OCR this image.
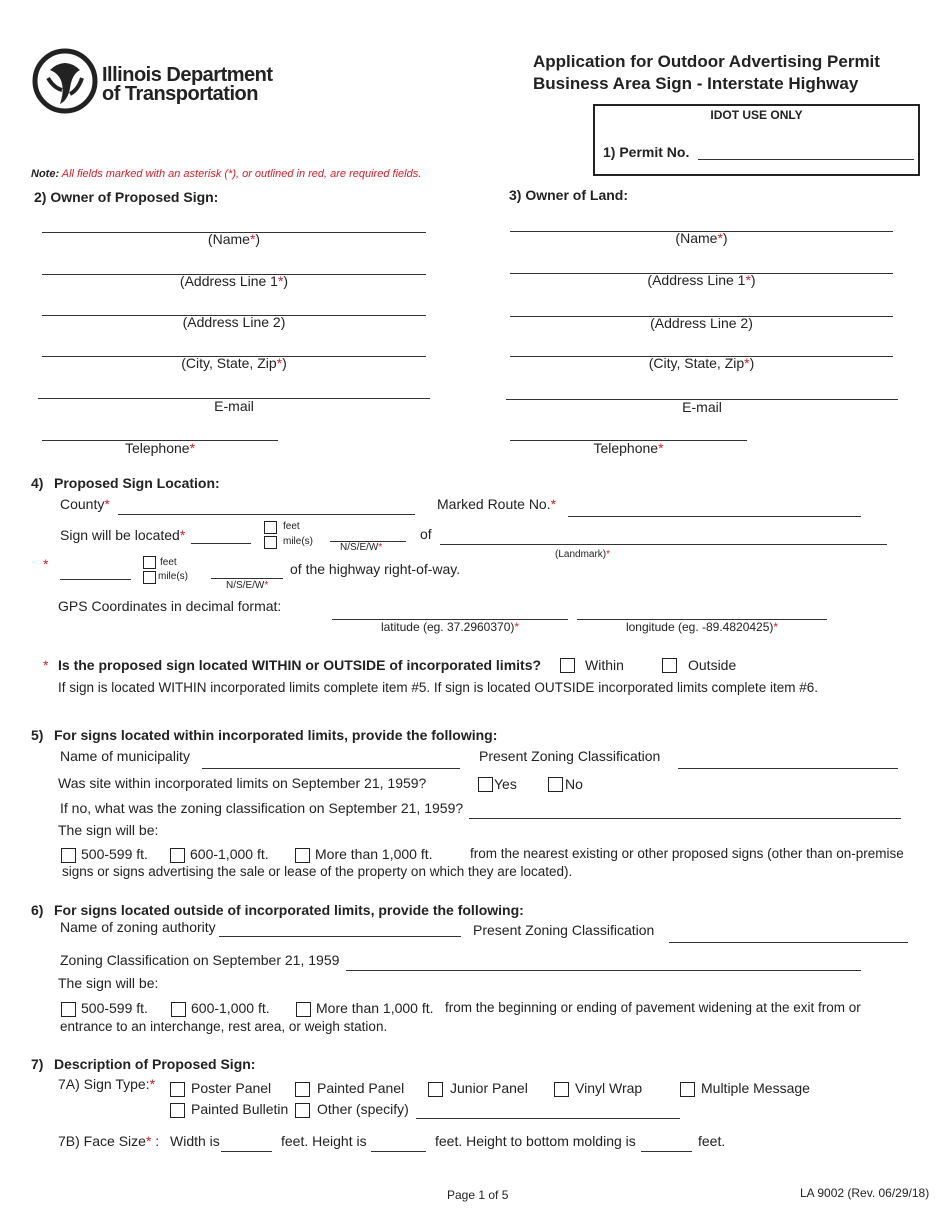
Illinois Department
of Transportation
Application for Outdoor Advertising Permit
Business Area Sign - Interstate Highway
IDOT USE ONLY
1) Permit No.
Note: All fields marked with an asterisk (*), or outlined in red, are required fields.
2) Owner of Proposed Sign:
(Name*)
(Address Line 1*)
(Address Line 2)
(City, State, Zip*)
E-mail
Telephone*
3) Owner of Land:
(Name*)
(Address Line 1*)
(Address Line 2)
(City, State, Zip*)
E-mail
Telephone*
4) Proposed Sign Location:
County*	Marked Route No.*
Sign will be located*
feet
mile(s)
N/S/E/W*
of
(Landmark)*
*	feet
mile(s)
N/S/E/W*
of the highway right-of-way.
GPS Coordinates in decimal format:
latitude (eg. 37.2960370)*	longitude (eg. -89.4820425)*
* Is the proposed sign located WITHIN or OUTSIDE of incorporated limits?	Within	Outside
If sign is located WITHIN incorporated limits complete item #5. If sign is located OUTSIDE incorporated limits complete item #6.
5) For signs located within incorporated limits, provide the following:
Name of municipality	Present Zoning Classification
Was site within incorporated limits on September 21, 1959?	Yes	No
If no, what was the zoning classification on September 21, 1959?
The sign will be:
500-599 ft.	600-1,000 ft.	More than 1,000 ft.	from the nearest existing or other proposed signs (other than on-premise
signs or signs advertising the sale or lease of the property on which they are located).
6) For signs located outside of incorporated limits, provide the following:
Name of zoning authority	Present Zoning Classification
Zoning Classification on September 21, 1959
The sign will be:
500-599 ft.	600-1,000 ft.	More than 1,000 ft. from the beginning or ending of pavement widening at the exit from or
entrance to an interchange, rest area, or weigh station.
7) Description of Proposed Sign:
7A) Sign Type:*	Poster Panel	Painted Panel	Junior Panel	Vinyl Wrap	Multiple Message
Painted Bulletin Other (specify)
7B) Face Size* : Width is	feet. Height is	feet. Height to bottom molding is	feet.
Page 1 of 5	LA 9002 (Rev. 06/29/18)
